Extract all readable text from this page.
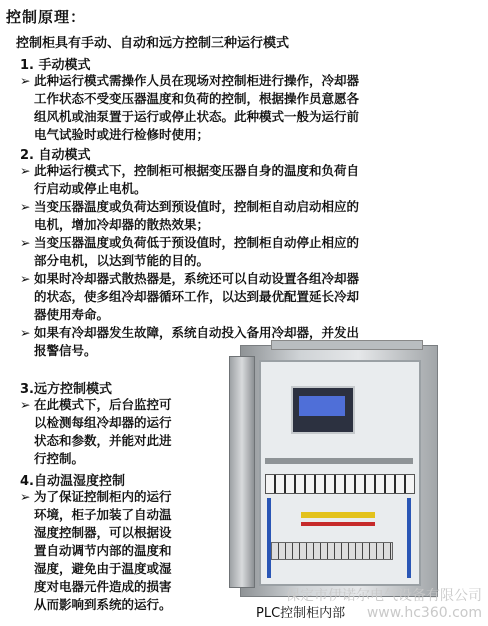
控制原理：
控制柜具有手动、自动和远方控制三种运行模式
1. 手动模式
➢ 此种运行模式需操作人员在现场对控制柜进行操作，冷却器
工作状态不受变压器温度和负荷的控制，根据操作员意愿各
组风机或油泵置于运行或停止状态。此种模式一般为运行前
电气试验时或进行检修时使用；
2. 自动模式
➢ 此种运行模式下，控制柜可根据变压器自身的温度和负荷自
行启动或停止电机。
➢ 当变压器温度或负荷达到预设值时，控制柜自动启动相应的
电机，增加冷却器的散热效果；
➢ 当变压器温度或负荷低于预设值时，控制柜自动停止相应的
部分电机，以达到节能的目的。
➢ 如果时冷却器式散热器是，系统还可以自动设置各组冷却器
的状态，使多组冷却器循环工作，以达到最优配置延长冷却
器使用寿命。
➢ 如果有冷却器发生故障，系统自动投入备用冷却器，并发出
报警信号。
3.远方控制模式
➢ 在此模式下，后台监控可
以检测每组冷却器的运行
状态和参数，并能对此进
行控制。
4.自动温湿度控制
➢ 为了保证控制柜内的运行
环境，柜子加装了自动温
湿度控制器，可以根据设
置自动调节内部的温度和
湿度，避免由于温度或湿
度对电器元件造成的损害
从而影响到系统的运行。
PLC控制柜内部
保定市伊诺尔电气设备有限公司
www.hc360.com
